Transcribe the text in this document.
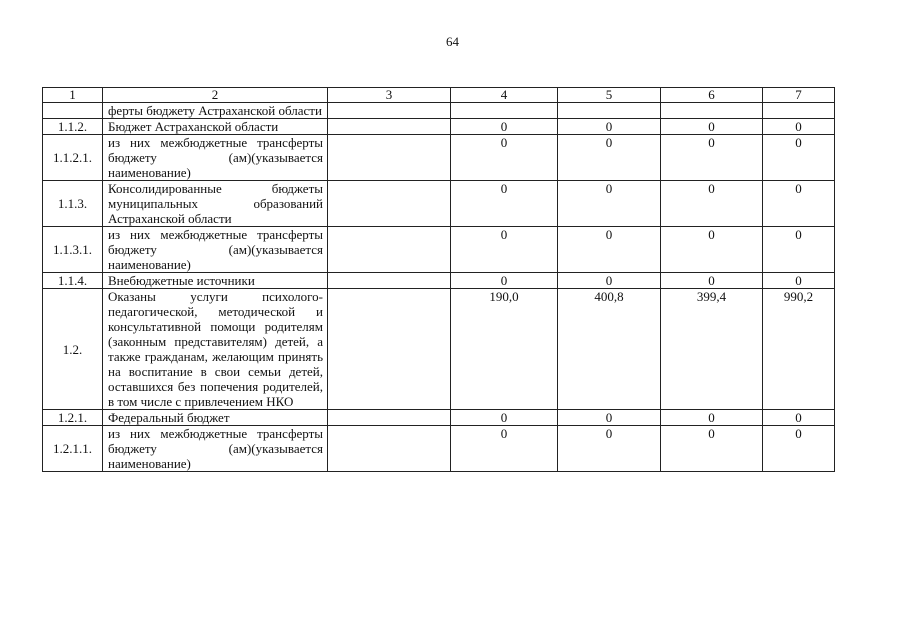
64
1	2	3	4	5	6	7
	ферты бюджету Астраханской области					
1.1.2.	Бюджет Астраханской области		0	0	0	0
1.1.2.1.	из них межбюджетные трансферты бюджету (ам)(указывается наименование)		0	0	0	0
1.1.3.	Консолидированные бюджеты муниципальных образований Астраханской области		0	0	0	0
1.1.3.1.	из них межбюджетные трансферты бюджету (ам)(указывается наименование)		0	0	0	0
1.1.4.	Внебюджетные источники		0	0	0	0
1.2.	Оказаны услуги психолого-педагогической, методической и консультативной помощи родителям (законным представителям) детей, а также гражданам, желающим принять на воспитание в свои семьи детей, оставшихся без попечения родителей, в том числе с привлечением НКО		190,0	400,8	399,4	990,2
1.2.1.	Федеральный бюджет		0	0	0	0
1.2.1.1.	из них межбюджетные трансферты бюджету (ам)(указывается наименование)		0	0	0	0
